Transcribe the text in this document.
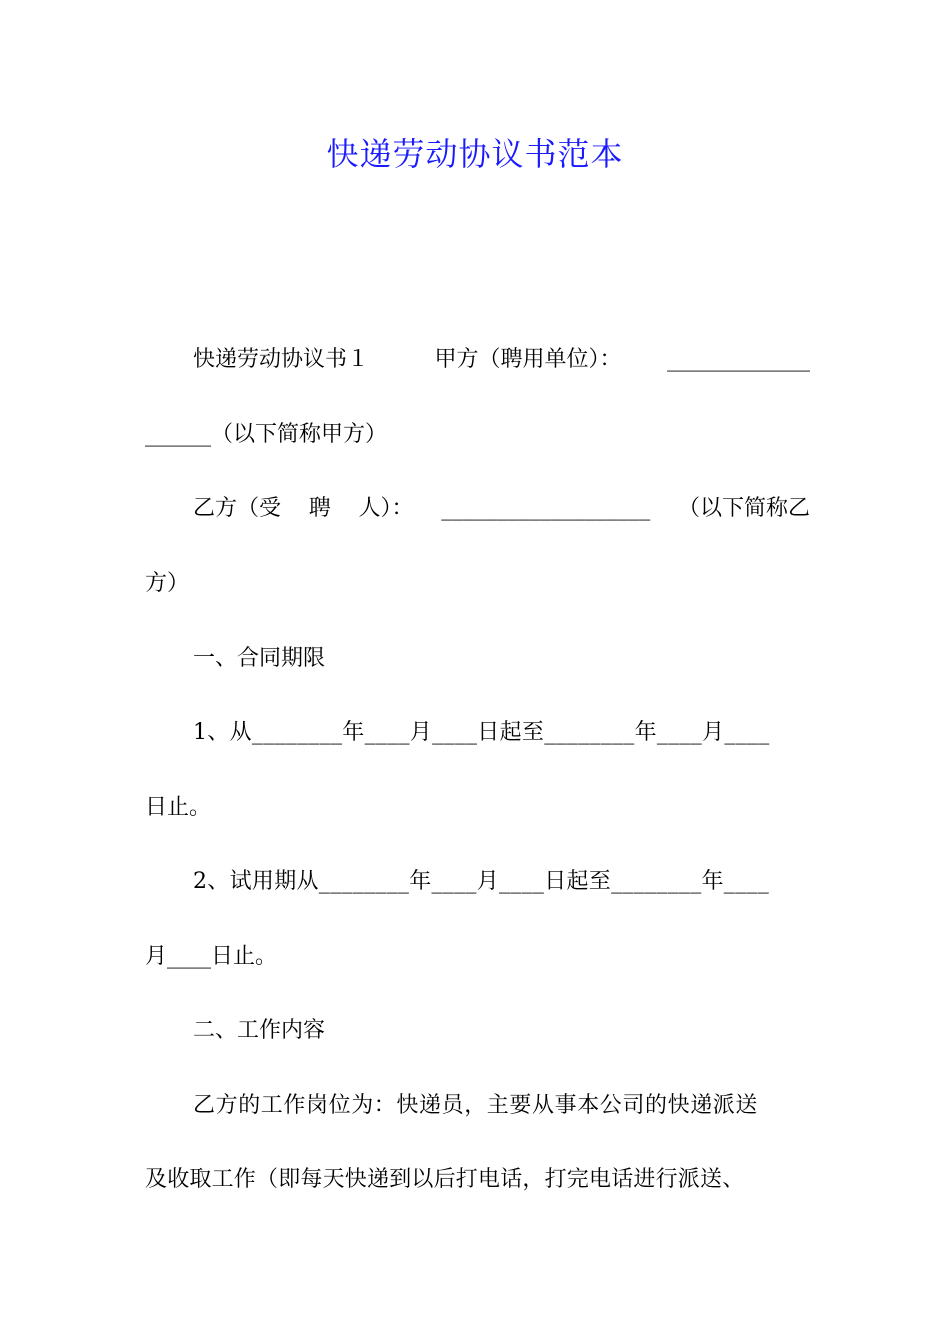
快递劳动协议书范本
快递劳动协议书１	甲方（聘用单位）： _____________
______（以下简称甲方）
乙方（受 聘 人）： ___________________ （以下简称乙
方）
一、合同期限
1、从________年____月____日起至________年____月____
日止。
2、试用期从________年____月____日起至________年____
月____日止。
二、工作内容
乙方的工作岗位为：快递员，主要从事本公司的快递派送
及收取工作（即每天快递到以后打电话，打完电话进行派送、
